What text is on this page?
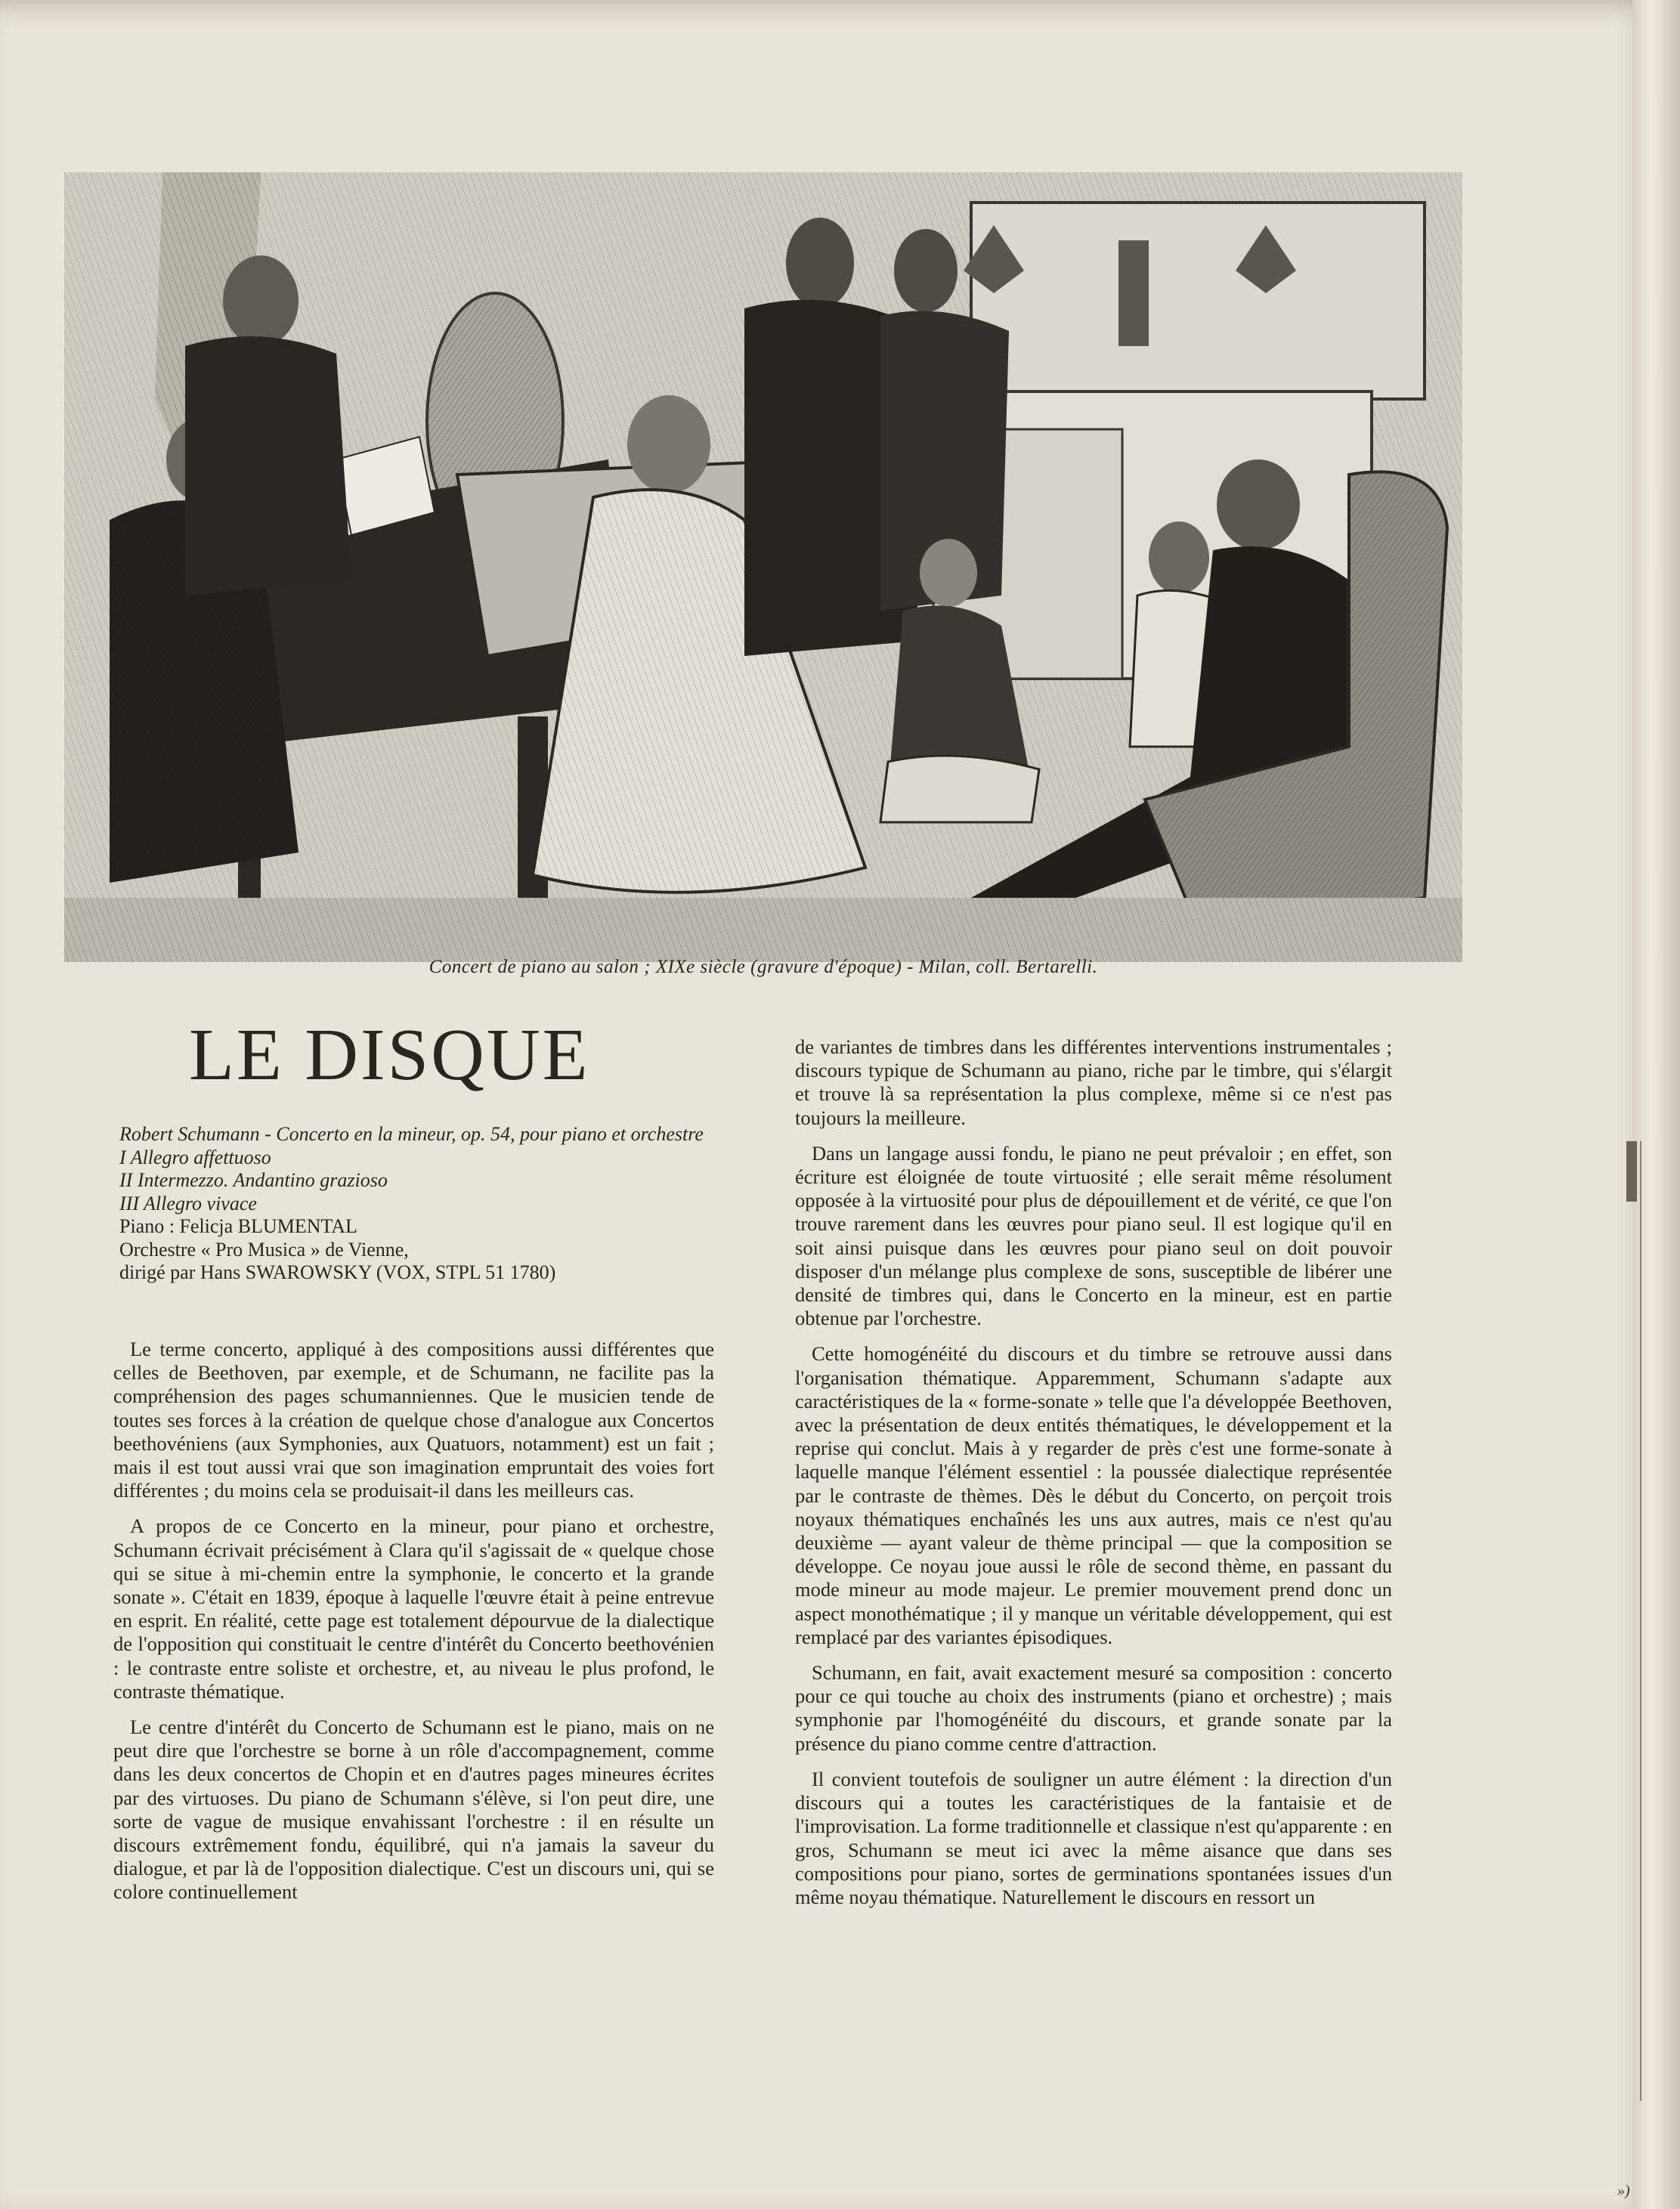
Concert de piano au salon ; XIXe siècle (gravure d'époque) - Milan, coll. Bertarelli.
LE DISQUE
Robert Schumann - Concerto en la mineur, op. 54, pour piano et orchestre
I Allegro affettuoso
II Intermezzo. Andantino grazioso
III Allegro vivace
Piano : Felicja BLUMENTAL
Orchestre « Pro Musica » de Vienne,
dirigé par Hans SWAROWSKY (VOX, STPL 51 1780)

Le terme concerto, appliqué à des compositions aussi différentes que celles de Beethoven, par exemple, et de Schumann, ne facilite pas la compréhension des pages schumanniennes. Que le musicien tende de toutes ses forces à la création de quelque chose d'analogue aux Concertos beethovéniens (aux Symphonies, aux Quatuors, notamment) est un fait ; mais il est tout aussi vrai que son imagination empruntait des voies fort différentes ; du moins cela se produisait-il dans les meilleurs cas.

A propos de ce Concerto en la mineur, pour piano et orchestre, Schumann écrivait précisément à Clara qu'il s'agissait de « quelque chose qui se situe à mi-chemin entre la symphonie, le concerto et la grande sonate ». C'était en 1839, époque à laquelle l'œuvre était à peine entrevue en esprit. En réalité, cette page est totalement dépourvue de la dialectique de l'opposition qui constituait le centre d'intérêt du Concerto beethovénien : le contraste entre soliste et orchestre, et, au niveau le plus profond, le contraste thématique.

Le centre d'intérêt du Concerto de Schumann est le piano, mais on ne peut dire que l'orchestre se borne à un rôle d'accompagnement, comme dans les deux concertos de Chopin et en d'autres pages mineures écrites par des virtuoses. Du piano de Schumann s'élève, si l'on peut dire, une sorte de vague de musique envahissant l'orchestre : il en résulte un discours extrêmement fondu, équilibré, qui n'a jamais la saveur du dialogue, et par là de l'opposition dialectique. C'est un discours uni, qui se colore continuellement

de variantes de timbres dans les différentes interventions instrumentales ; discours typique de Schumann au piano, riche par le timbre, qui s'élargit et trouve là sa représentation la plus complexe, même si ce n'est pas toujours la meilleure.

Dans un langage aussi fondu, le piano ne peut prévaloir ; en effet, son écriture est éloignée de toute virtuosité ; elle serait même résolument opposée à la virtuosité pour plus de dépouillement et de vérité, ce que l'on trouve rarement dans les œuvres pour piano seul. Il est logique qu'il en soit ainsi puisque dans les œuvres pour piano seul on doit pouvoir disposer d'un mélange plus complexe de sons, susceptible de libérer une densité de timbres qui, dans le Concerto en la mineur, est en partie obtenue par l'orchestre.

Cette homogénéité du discours et du timbre se retrouve aussi dans l'organisation thématique. Apparemment, Schumann s'adapte aux caractéristiques de la « forme-sonate » telle que l'a développée Beethoven, avec la présentation de deux entités thématiques, le développement et la reprise qui conclut. Mais à y regarder de près c'est une forme-sonate à laquelle manque l'élément essentiel : la poussée dialectique représentée par le contraste de thèmes. Dès le début du Concerto, on perçoit trois noyaux thématiques enchaînés les uns aux autres, mais ce n'est qu'au deuxième — ayant valeur de thème principal — que la composition se développe. Ce noyau joue aussi le rôle de second thème, en passant du mode mineur au mode majeur. Le premier mouvement prend donc un aspect monothématique ; il y manque un véritable développement, qui est remplacé par des variantes épisodiques.

Schumann, en fait, avait exactement mesuré sa composition : concerto pour ce qui touche au choix des instruments (piano et orchestre) ; mais symphonie par l'homogénéité du discours, et grande sonate par la présence du piano comme centre d'attraction.

Il convient toutefois de souligner un autre élément : la direction d'un discours qui a toutes les caractéristiques de la fantaisie et de l'improvisation. La forme traditionnelle et classique n'est qu'apparente : en gros, Schumann se meut ici avec la même aisance que dans ses compositions pour piano, sortes de germinations spontanées issues d'un même noyau thématique. Naturellement le discours en ressort un

»)
